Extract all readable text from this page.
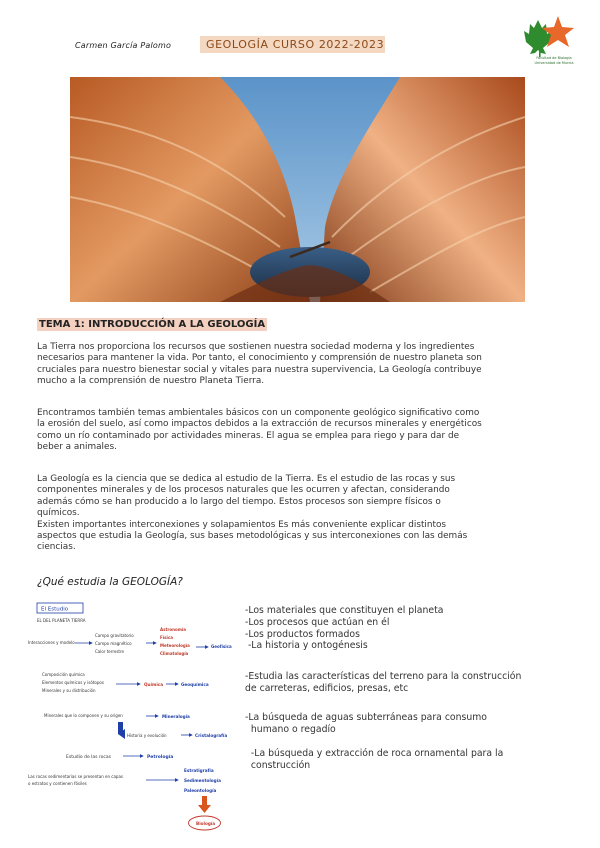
Carmen García Palomo	GEOLOGÍA CURSO 2022-2023
Facultad de Biología
Universidad de Murcia
TEMA 1: INTRODUCCIÓN A LA GEOLOGÍA
La Tierra nos proporciona los recursos que sostienen nuestra sociedad moderna y los ingredientes
necesarios para mantener la vida. Por tanto, el conocimiento y comprensión de nuestro planeta son
cruciales para nuestro bienestar social y vitales para nuestra supervivencia, La Geología contribuye
mucho a la comprensión de nuestro Planeta Tierra.
Encontramos también temas ambientales básicos con un componente geológico significativo como
la erosión del suelo, así como impactos debidos a la extracción de recursos minerales y energéticos
como un río contaminado por actividades mineras. El agua se emplea para riego y para dar de
beber a animales.
La Geología es la ciencia que se dedica al estudio de la Tierra. Es el estudio de las rocas y sus
componentes minerales y de los procesos naturales que les ocurren y afectan, considerando
además cómo se han producido a lo largo del tiempo. Estos procesos son siempre físicos o
químicos.
Existen importantes interconexiones y solapamientos Es más conveniente explicar distintos
aspectos que estudia la Geología, sus bases metodológicas y sus interconexiones con las demás
ciencias.
¿Qué estudia la GEOLOGÍA?
-Los materiales que constituyen el planeta
-Los procesos que actúan en él
-Los productos formados
-La historia y ontogénesis
-Estudia las características del terreno para la construcción
de carreteras, edificios, presas, etc
-La búsqueda de aguas subterráneas para consumo
humano o regadío
-La búsqueda y extracción de roca ornamental para la
construcción
El Estudio
EL DEL PLANETA TIERRA
Interacciones y modelo
Campo gravitatorio
Campo magnético
Calor terrestre
Astronomía
Física
Meteorología
Climatología
Geofísica
Composición química
Elementos químicos y isótopos
Minerales y su distribución
Química	Geoquímica
Minerales que lo componen y su origen	Mineralogía
Historia y evolución	Cristalografía
Estudio de las rocas	Petrología
Las rocas sedimentarias se presentan en capas
o estratos y contienen fósiles
Estratigrafía
Sedimentología
Paleontología
Biología
